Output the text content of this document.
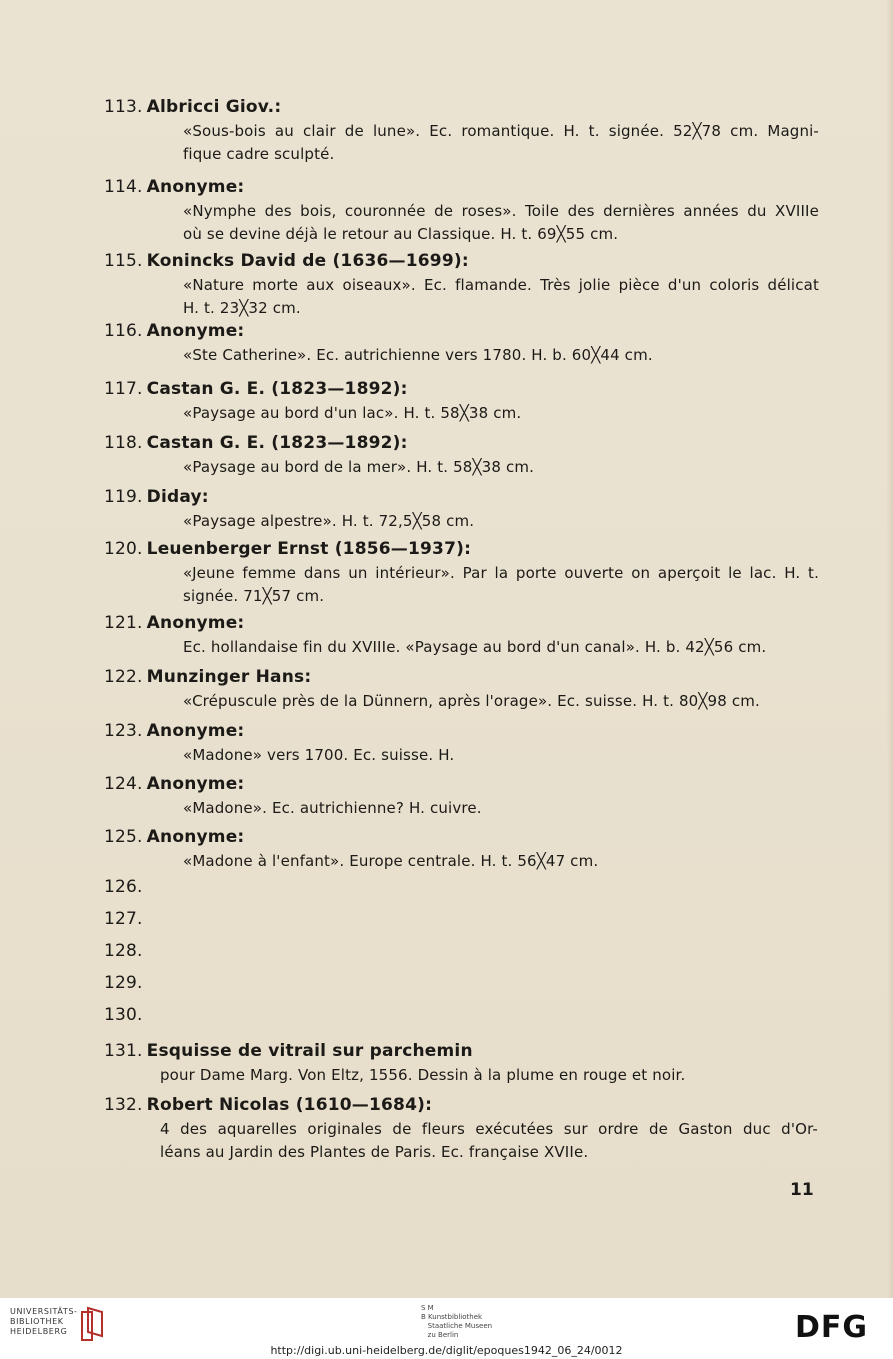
113. Albricci Giov.:
«Sous-bois au clair de lune». Ec. romantique. H. t. signée. 52╳78 cm. Magni-
fique cadre sculpté.
114. Anonyme:
«Nymphe des bois, couronnée de roses». Toile des dernières années du XVIIIe
où se devine déjà le retour au Classique. H. t. 69╳55 cm.
115. Konincks David de (1636—1699):
«Nature morte aux oiseaux». Ec. flamande. Très jolie pièce d'un coloris délicat
H. t. 23╳32 cm.
116. Anonyme:
«Ste Catherine». Ec. autrichienne vers 1780. H. b. 60╳44 cm.
117. Castan G. E. (1823—1892):
«Paysage au bord d'un lac». H. t. 58╳38 cm.
118. Castan G. E. (1823—1892):
«Paysage au bord de la mer». H. t. 58╳38 cm.
119. Diday:
«Paysage alpestre». H. t. 72,5╳58 cm.
120. Leuenberger Ernst (1856—1937):
«Jeune femme dans un intérieur». Par la porte ouverte on aperçoit le lac. H. t.
signée. 71╳57 cm.
121. Anonyme:
Ec. hollandaise fin du XVIIIe. «Paysage au bord d'un canal». H. b. 42╳56 cm.
122. Munzinger Hans:
«Crépuscule près de la Dünnern, après l'orage». Ec. suisse. H. t. 80╳98 cm.
123. Anonyme:
«Madone» vers 1700. Ec. suisse. H.
124. Anonyme:
«Madone». Ec. autrichienne? H. cuivre.
125. Anonyme:
«Madone à l'enfant». Europe centrale. H. t. 56╳47 cm.
126.
127.
128.
129.
130.
131. Esquisse de vitrail sur parchemin
pour Dame Marg. Von Eltz, 1556. Dessin à la plume en rouge et noir.
132. Robert Nicolas (1610—1684):
4 des aquarelles originales de fleurs exécutées sur ordre de Gaston duc d'Or-
léans au Jardin des Plantes de Paris. Ec. française XVIIe.
11
UNIVERSITÄTS-
BIBLIOTHEK
HEIDELBERG
S M
B Kunstbibliothek
Staatliche Museen
zu Berlin	DFG
http://digi.ub.uni-heidelberg.de/diglit/epoques1942_06_24/0012
